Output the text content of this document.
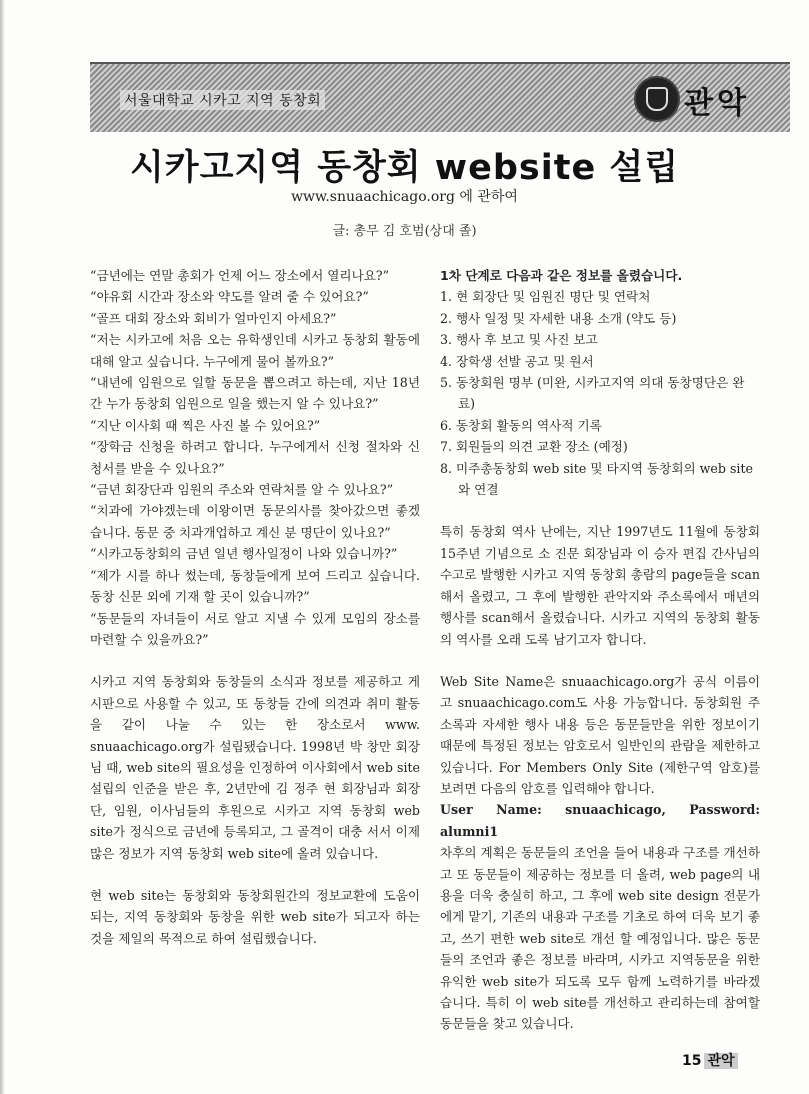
서울대학교 시카고 지역 동창회	관악
시카고지역 동창회 website 설립
www.snuaachicago.org 에 관하여
글: 총무 김 호범(상대 졸)

“금년에는 연말 총회가 언제 어느 장소에서 열리나요?”

“야유회 시간과 장소와 약도를 알려 줄 수 있어요?”

“골프 대회 장소와 회비가 얼마인지 아세요?”

“저는 시카고에 처음 오는 유학생인데 시카고 동창회 활동에 대해 알고 싶습니다. 누구에게 물어 볼까요?”

“내년에 임원으로 일할 동문을 뽑으려고 하는데, 지난 18년간 누가 동창회 임원으로 일을 했는지 알 수 있나요?”

“지난 이사회 때 찍은 사진 볼 수 있어요?”

“장학금 신청을 하려고 합니다. 누구에게서 신청 절차와 신청서를 받을 수 있나요?”

“금년 회장단과 임원의 주소와 연락처를 알 수 있나요?”

“치과에 가야겠는데 이왕이면 동문의사를 찾아갔으면 좋겠습니다. 동문 중 치과개업하고 계신 분 명단이 있나요?”

“시카고동창회의 금년 일년 행사일정이 나와 있습니까?”

“제가 시를 하나 썼는데, 동창들에게 보여 드리고 싶습니다. 동창 신문 외에 기재 할 곳이 있습니까?”

“동문들의 자녀들이 서로 알고 지낼 수 있게 모임의 장소를 마련할 수 있을까요?”

시카고 지역 동창회와 동창들의 소식과 정보를 제공하고 게시판으로 사용할 수 있고, 또 동창들 간에 의견과 취미 활동을 같이 나눌 수 있는 한 장소로서 www. snuaachicago.org가 설립됐습니다. 1998년 박 창만 회장님 때, web site의 필요성을 인정하여 이사회에서 web site설립의 인준을 받은 후, 2년만에 김 정주 현 회장님과 회장단, 임원, 이사님들의 후원으로 시카고 지역 동창회 web site가 정식으로 금년에 등록되고, 그 골격이 대충 서서 이제 많은 정보가 지역 동창회 web site에 올려 있습니다.

현 web site는 동창회와 동창회원간의 정보교환에 도움이 되는, 지역 동창회와 동창을 위한 web site가 되고자 하는 것을 제일의 목적으로 하여 설립했습니다.

1차 단계로 다음과 같은 정보를 올렸습니다.

1. 현 회장단 및 임원진 명단 및 연락처
2. 행사 일정 및 자세한 내용 소개 (약도 등)
3. 행사 후 보고 및 사진 보고
4. 장학생 선발 공고 및 원서
5. 동창회원 명부 (미완, 시카고지역 의대 동창명단은 완료)
6. 동창회 활동의 역사적 기록
7. 회원들의 의견 교환 장소 (예정)
8. 미주총동창회 web site 및 타지역 동창회의 web site와 연결

특히 동창회 역사 난에는, 지난 1997년도 11월에 동창회 15주년 기념으로 소 진문 회장님과 이 승자 편집 간사님의 수고로 발행한 시카고 지역 동창회 총람의 page들을 scan 해서 올렸고, 그 후에 발행한 관악지와 주소록에서 매년의 행사를 scan해서 올렸습니다. 시카고 지역의 동창회 활동의 역사를 오래 도록 남기고자 합니다.

Web Site Name은 snuaachicago.org가 공식 이름이고 snuaachicago.com도 사용 가능합니다. 동창회원 주소록과 자세한 행사 내용 등은 동문들만을 위한 정보이기 때문에 특정된 정보는 암호로서 일반인의 관람을 제한하고 있습니다. For Members Only Site (제한구역 암호)를 보려면 다음의 암호를 입력해야 합니다.

User Name: snuaachicago, Password: alumni1

차후의 계획은 동문들의 조언을 들어 내용과 구조를 개선하고 또 동문들이 제공하는 정보를 더 올려, web page의 내용을 더욱 충실히 하고, 그 후에 web site design 전문가에게 맡기, 기존의 내용과 구조를 기초로 하여 더욱 보기 좋고, 쓰기 편한 web site로 개선 할 예정입니다. 많은 동문들의 조언과 좋은 정보를 바라며, 시카고 지역동문을 위한 유익한 web site가 되도록 모두 함께 노력하기를 바라겠습니다. 특히 이 web site를 개선하고 관리하는데 참여할 동문들을 찾고 있습니다.

15 관악
